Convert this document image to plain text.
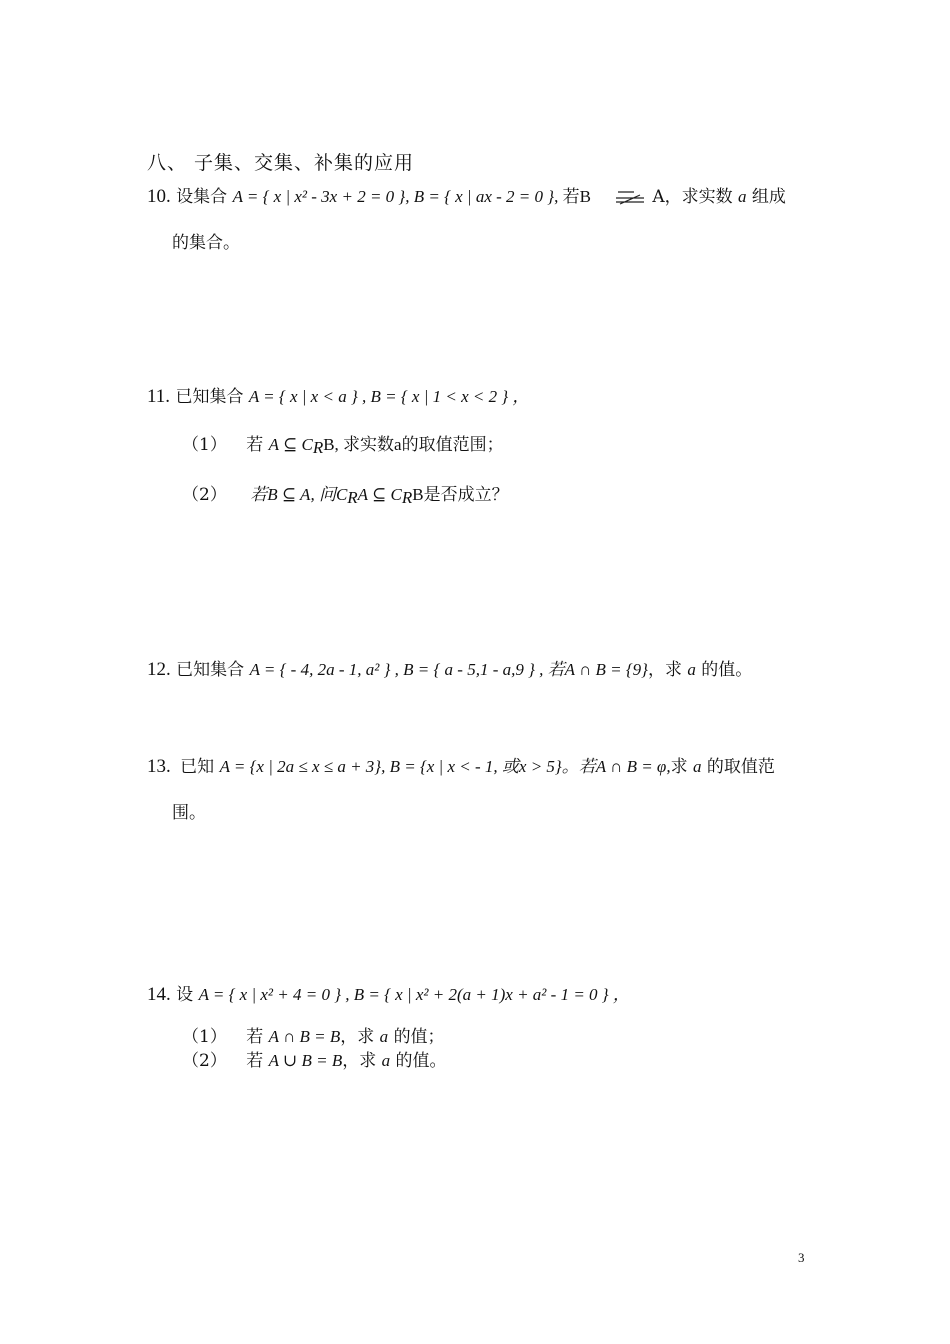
八、 子集、交集、补集的应用
10. 设集合 A = { x | x² - 3x + 2 = 0 }, B = { x | ax - 2 = 0 }, 若B	A，求实数 a 组成
的集合。
11. 已知集合 A = { x | x < a } , B = { x | 1 < x < 2 } ，
（1） 若 A ⊆ $C_RB$, 求实数a的取值范围；
（2） 若B ⊆ A, 问$C_RA$ ⊆ $C_RB$是否成立？
12. 已知集合 A = { - 4, 2a - 1, a² } , B = { a - 5,1 - a,9 } , 若A ∩ B = {9}，求 a 的值。
13. 已知 A = {x | 2a ≤ x ≤ a + 3}, B = {x | x < - 1, 或x > 5}。若A ∩ B = φ,求 a 的取值范
围。
14. 设 A = { x | x² + 4 = 0 } , B = { x | x² + 2(a + 1)x + a² - 1 = 0 } ，
（1） 若 A ∩ B = B，求 a 的值；
（2） 若 A ∪ B = B，求 a 的值。
3
